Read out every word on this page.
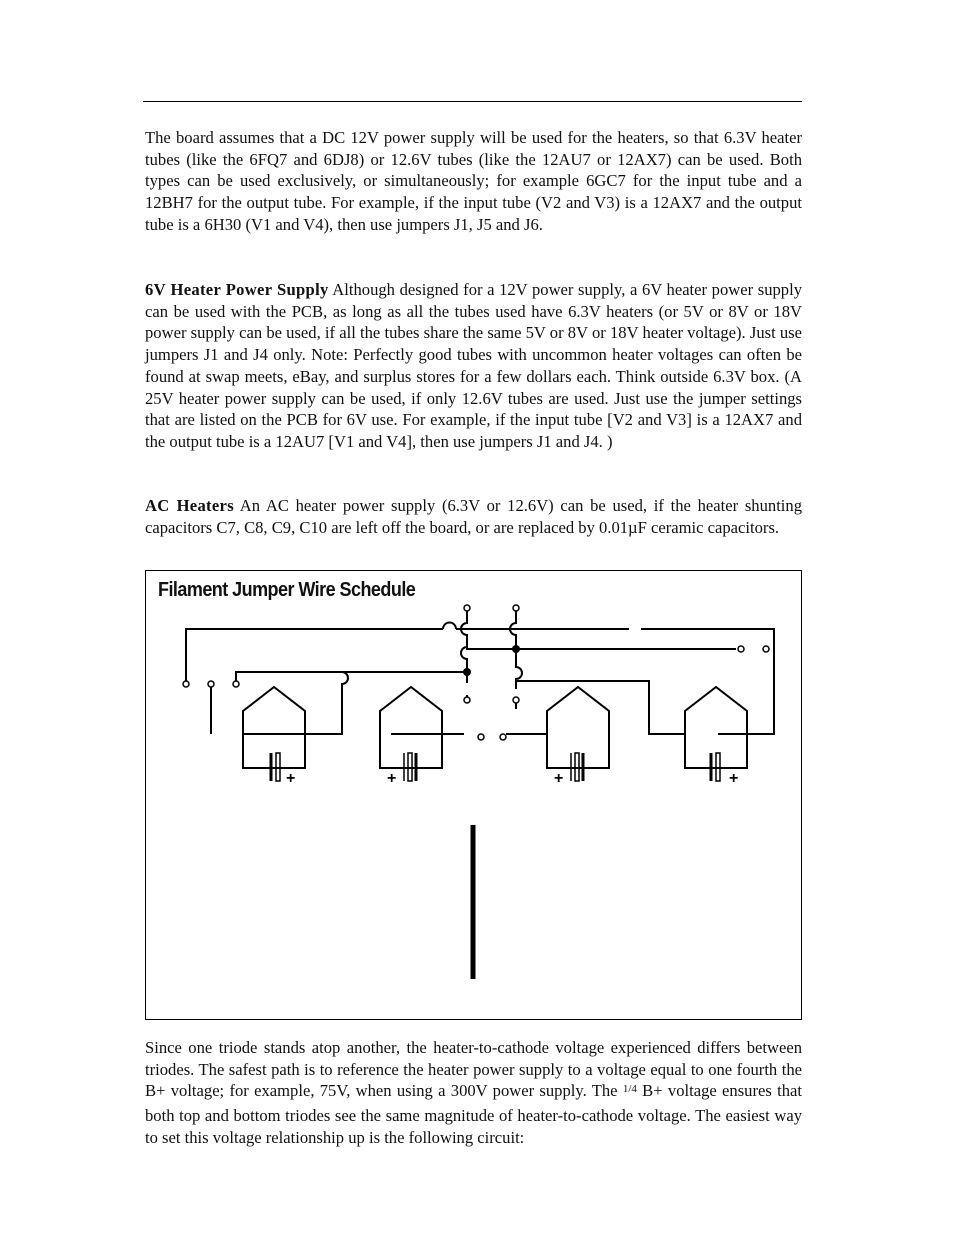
The board assumes that a DC 12V power supply will be used for the heaters, so that 6.3V heater tubes (like the 6FQ7 and 6DJ8) or 12.6V tubes (like the 12AU7 or 12AX7) can be used. Both types can be used exclusively, or simultaneously; for example 6GC7 for the input tube and a 12BH7 for the output tube. For example, if the input tube (V2 and V3) is a 12AX7 and the output tube is a 6H30 (V1 and V4), then use jumpers J1, J5 and J6.

6V Heater Power Supply Although designed for a 12V power supply, a 6V heater power supply can be used with the PCB, as long as all the tubes used have 6.3V heaters (or 5V or 8V or 18V power supply can be used, if all the tubes share the same 5V or 8V or 18V heater voltage). Just use jumpers J1 and J4 only. Note: Perfectly good tubes with uncommon heater voltages can often be found at swap meets, eBay, and surplus stores for a few dollars each. Think outside 6.3V box. (A 25V heater power supply can be used, if only 12.6V tubes are used. Just use the jumper settings that are listed on the PCB for 6V use. For example, if the input tube [V2 and V3] is a 12AX7 and the output tube is a 12AU7 [V1 and V4], then use jumpers J1 and J4. )

AC Heaters An AC heater power supply (6.3V or 12.6V) can be used, if the heater shunting capacitors C7, C8, C9, C10 are left off the board, or are replaced by 0.01µF ceramic capacitors.

Filament Jumper Wire Schedule
+	+	+	+

Since one triode stands atop another, the heater-to-cathode voltage experienced differs between triodes. The safest path is to reference the heater power supply to a voltage equal to one fourth the B+ voltage; for example, 75V, when using a 300V power supply. The $^{1/4}$ B+ voltage ensures that both top and bottom triodes see the same magnitude of heater-to-cathode voltage. The easiest way to set this voltage relationship up is the following circuit:
